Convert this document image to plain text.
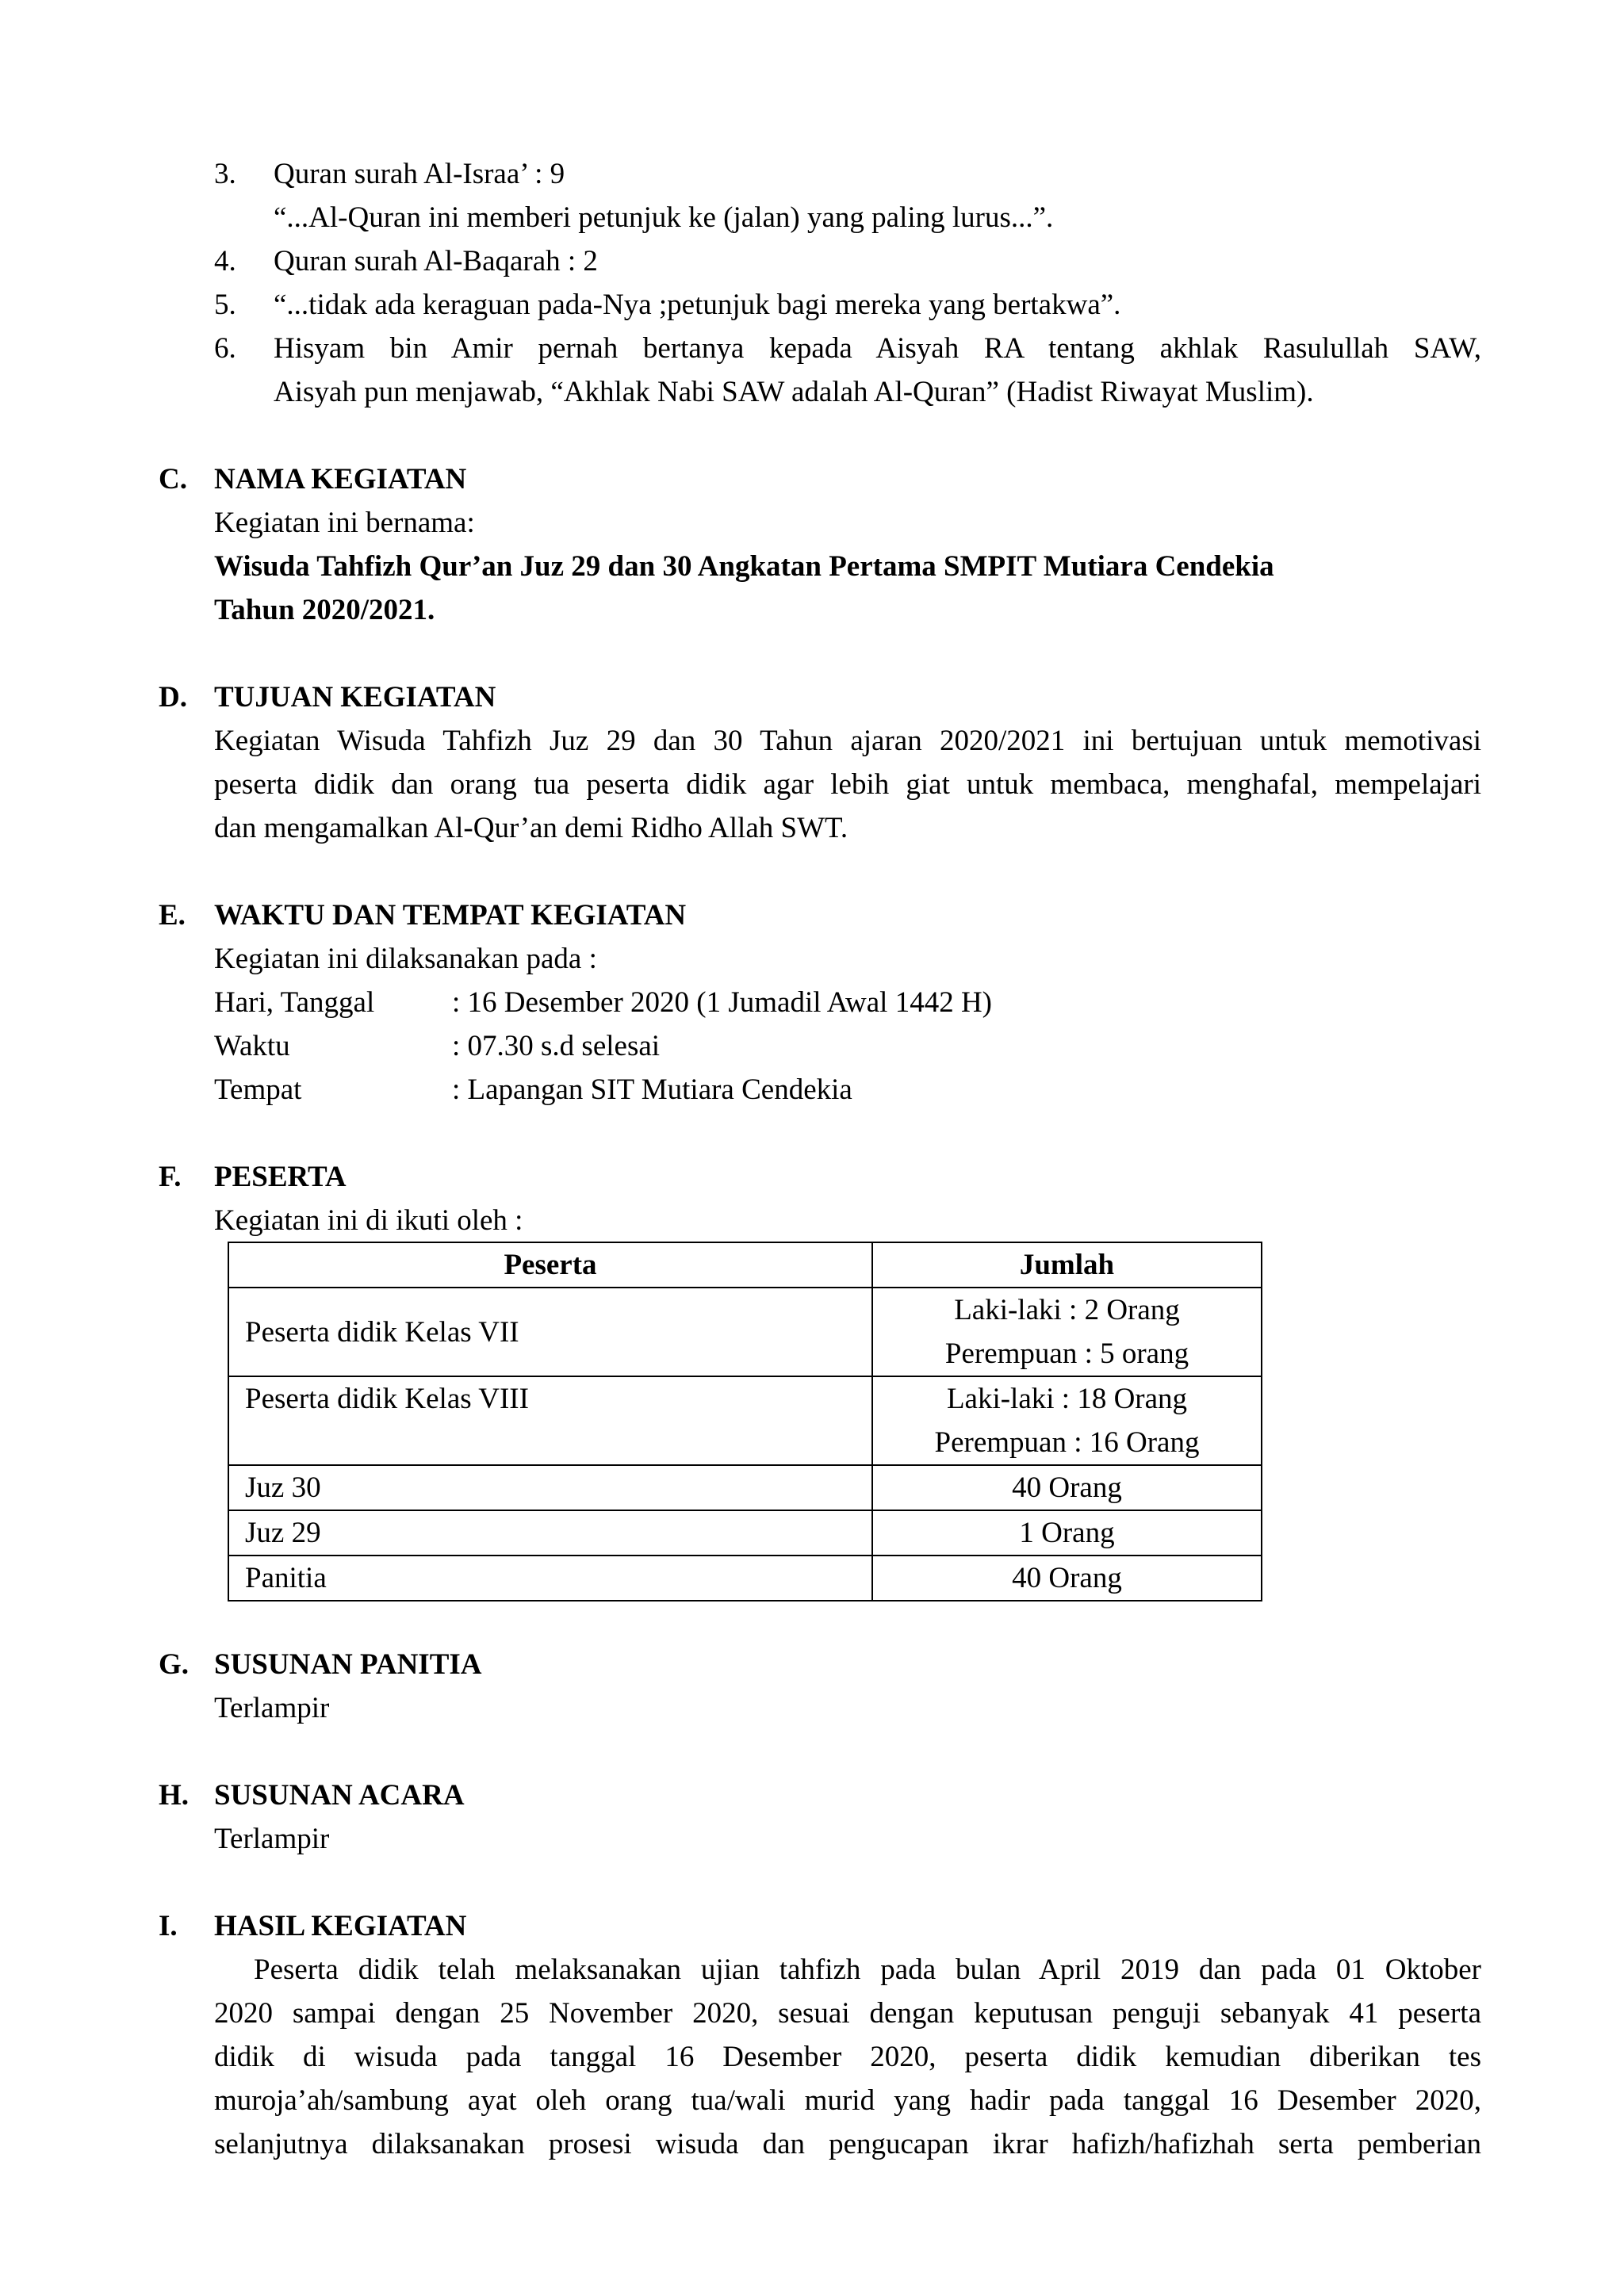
3. Quran surah Al-Israa’ : 9
“...Al-Quran ini memberi petunjuk ke (jalan) yang paling lurus...”.
4. Quran surah Al-Baqarah : 2
5. “...tidak ada keraguan pada-Nya ;petunjuk bagi mereka yang bertakwa”.
6. Hisyam bin Amir pernah bertanya kepada Aisyah RA tentang akhlak Rasulullah SAW,
Aisyah pun menjawab, “Akhlak Nabi SAW adalah Al-Quran” (Hadist Riwayat Muslim).
C. NAMA KEGIATAN
Kegiatan ini bernama:
Wisuda Tahfizh Qur’an Juz 29 dan 30 Angkatan Pertama SMPIT Mutiara Cendekia
Tahun 2020/2021.
D. TUJUAN KEGIATAN
Kegiatan Wisuda Tahfizh Juz 29 dan 30 Tahun ajaran 2020/2021 ini bertujuan untuk memotivasi
peserta didik dan orang tua peserta didik agar lebih giat untuk membaca, menghafal, mempelajari
dan mengamalkan Al-Qur’an demi Ridho Allah SWT.
E. WAKTU DAN TEMPAT KEGIATAN
Kegiatan ini dilaksanakan pada :
Hari, Tanggal	: 16 Desember 2020 (1 Jumadil Awal 1442 H)
Waktu	: 07.30 s.d selesai
Tempat	: Lapangan SIT Mutiara Cendekia
F. PESERTA
Kegiatan ini di ikuti oleh :
Peserta	Jumlah
Peserta didik Kelas VII	Laki-laki : 2 Orang
Perempuan : 5 orang

Peserta didik Kelas VIII	Laki-laki : 18 Orang
Perempuan : 16 Orang

Juz 30	40 Orang
Juz 29	1 Orang
Panitia	40 Orang
G. SUSUNAN PANITIA
Terlampir
H. SUSUNAN ACARA
Terlampir
I. HASIL KEGIATAN
Peserta didik telah melaksanakan ujian tahfizh pada bulan April 2019 dan pada 01 Oktober
2020 sampai dengan 25 November 2020, sesuai dengan keputusan penguji sebanyak 41 peserta
didik di wisuda pada tanggal 16 Desember 2020, peserta didik kemudian diberikan tes
muroja’ah/sambung ayat oleh orang tua/wali murid yang hadir pada tanggal 16 Desember 2020,
selanjutnya dilaksanakan prosesi wisuda dan pengucapan ikrar hafizh/hafizhah serta pemberian
